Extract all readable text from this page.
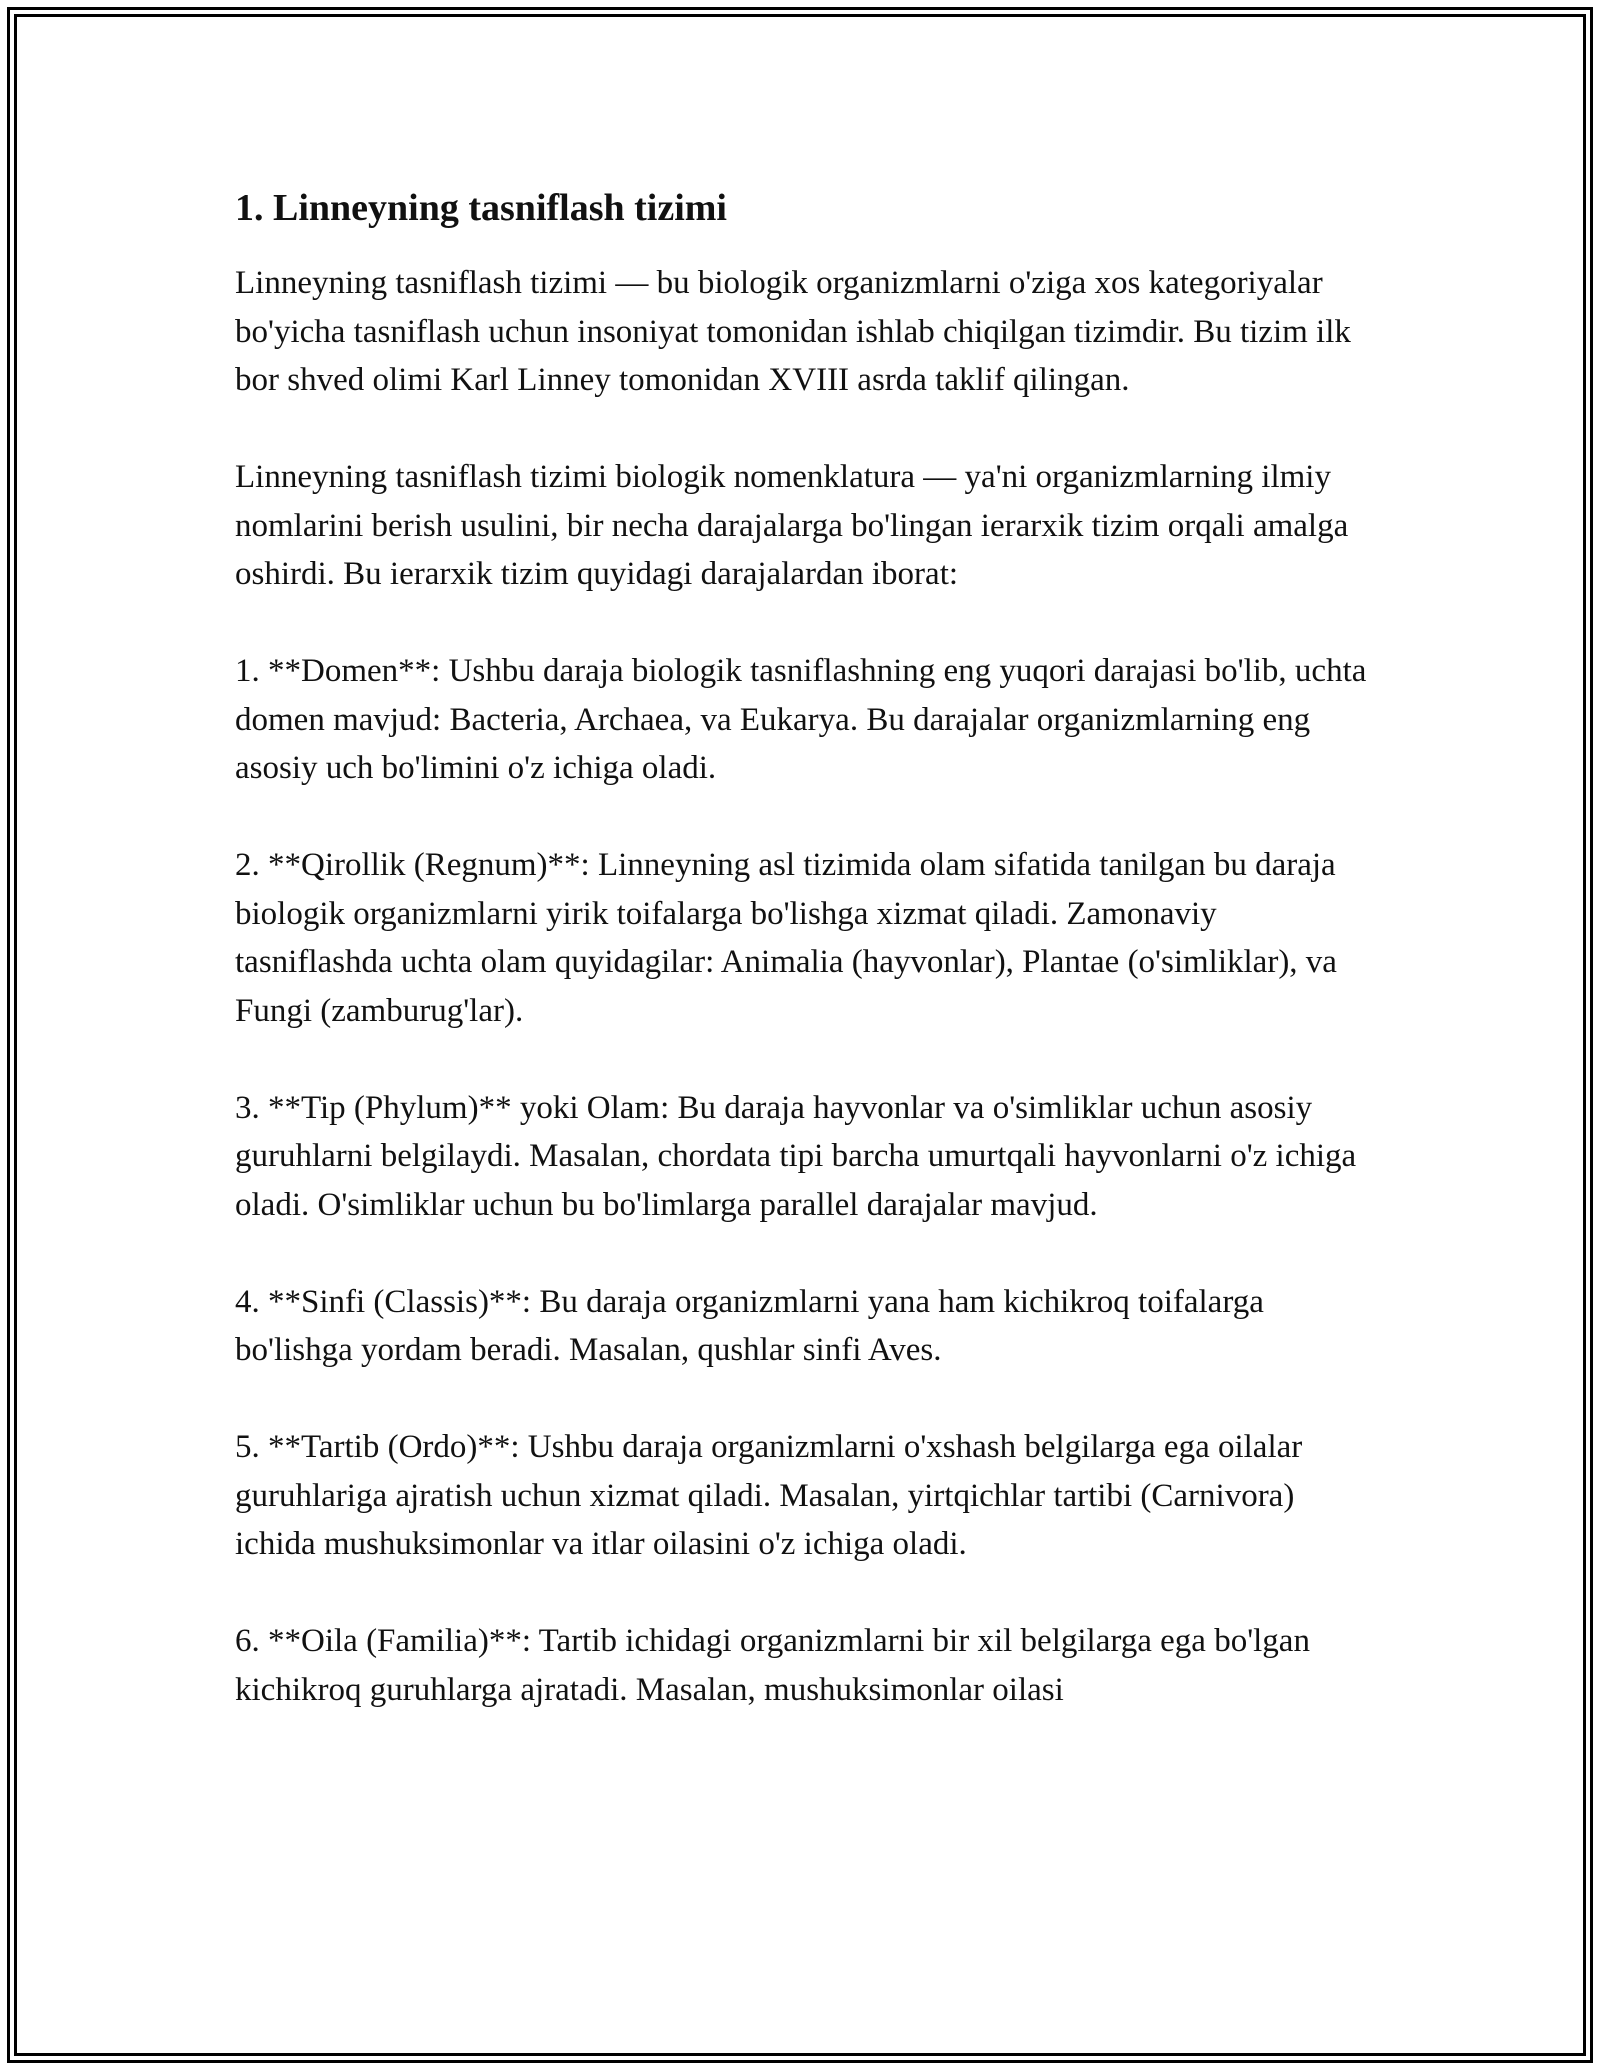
1. Linneyning tasniflash tizimi

Linneyning tasniflash tizimi — bu biologik organizmlarni o'ziga xos kategoriyalar bo'yicha tasniflash uchun insoniyat tomonidan ishlab chiqilgan tizimdir. Bu tizim ilk bor shved olimi Karl Linney tomonidan XVIII asrda taklif qilingan.

Linneyning tasniflash tizimi biologik nomenklatura — ya'ni organizmlarning ilmiy nomlarini berish usulini, bir necha darajalarga bo'lingan ierarxik tizim orqali amalga oshirdi. Bu ierarxik tizim quyidagi darajalardan iborat:

1. **Domen**: Ushbu daraja biologik tasniflashning eng yuqori darajasi bo'lib, uchta domen mavjud: Bacteria, Archaea, va Eukarya. Bu darajalar organizmlarning eng asosiy uch bo'limini o'z ichiga oladi.

2. **Qirollik (Regnum)**: Linneyning asl tizimida olam sifatida tanilgan bu daraja biologik organizmlarni yirik toifalarga bo'lishga xizmat qiladi. Zamonaviy tasniflashda uchta olam quyidagilar: Animalia (hayvonlar), Plantae (o'simliklar), va Fungi (zamburug'lar).

3. **Tip (Phylum)** yoki Olam: Bu daraja hayvonlar va o'simliklar uchun asosiy guruhlarni belgilaydi. Masalan, chordata tipi barcha umurtqali hayvonlarni o'z ichiga oladi. O'simliklar uchun bu bo'limlarga parallel darajalar mavjud.

4. **Sinfi (Classis)**: Bu daraja organizmlarni yana ham kichikroq toifalarga bo'lishga yordam beradi. Masalan, qushlar sinfi Aves.

5. **Tartib (Ordo)**: Ushbu daraja organizmlarni o'xshash belgilarga ega oilalar guruhlariga ajratish uchun xizmat qiladi. Masalan, yirtqichlar tartibi (Carnivora) ichida mushuksimonlar va itlar oilasini o'z ichiga oladi.

6. **Oila (Familia)**: Tartib ichidagi organizmlarni bir xil belgilarga ega bo'lgan kichikroq guruhlarga ajratadi. Masalan, mushuksimonlar oilasi
